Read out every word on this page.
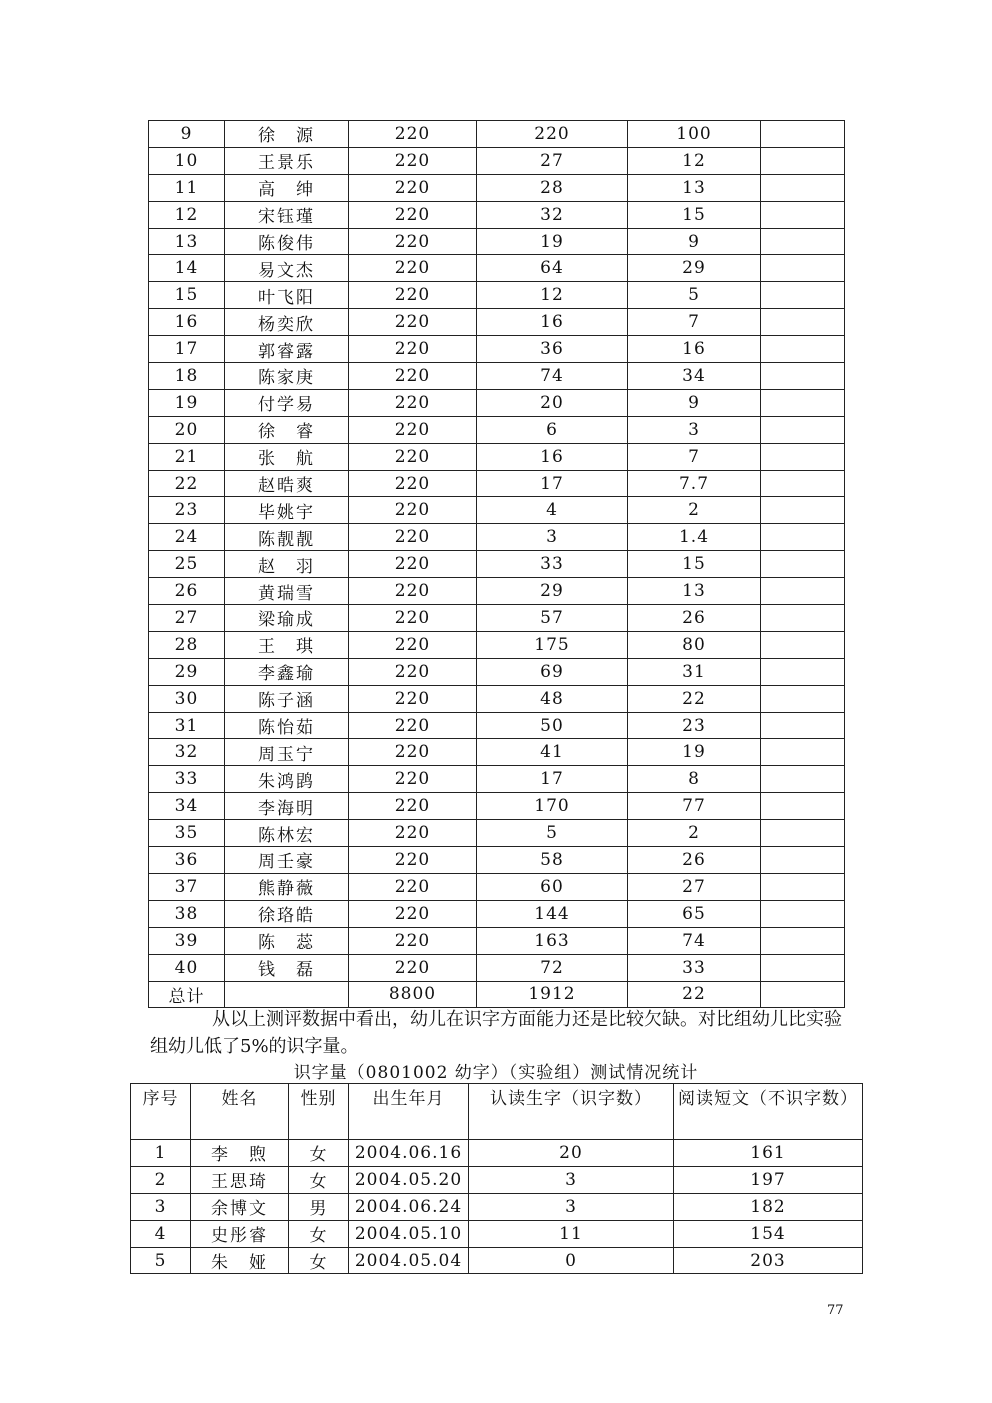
9	徐　源	220	220	100	
10	王景乐	220	27	12	
11	高　绅	220	28	13	
12	宋钰瑾	220	32	15	
13	陈俊伟	220	19	9	
14	易文杰	220	64	29	
15	叶飞阳	220	12	5	
16	杨奕欣	220	16	7	
17	郭睿露	220	36	16	
18	陈家庚	220	74	34	
19	付学易	220	20	9	
20	徐　睿	220	6	3	
21	张　航	220	16	7	
22	赵晧爽	220	17	7.7	
23	毕姚宇	220	4	2	
24	陈靓靓	220	3	1.4	
25	赵　羽	220	33	15	
26	黄瑞雪	220	29	13	
27	梁瑜成	220	57	26	
28	王　琪	220	175	80	
29	李鑫瑜	220	69	31	
30	陈子涵	220	48	22	
31	陈怡茹	220	50	23	
32	周玉宁	220	41	19	
33	朱鸿鹍	220	17	8	
34	李海明	220	170	77	
35	陈林宏	220	5	2	
36	周壬豪	220	58	26	
37	熊静薇	220	60	27	
38	徐珞皓	220	144	65	
39	陈　蕊	220	163	74	
40	钱　磊	220	72	33	
总计		8800	1912	22	

从以上测评数据中看出，幼儿在识字方面能力还是比较欠缺。对比组幼儿比实验组幼儿低了5%的识字量。

识字量（0801002 幼字）（实验组）测试情况统计
序号	姓名	性别	出生年月	认读生字（识字数）	阅读短文（不识字数）
1	李　煦	女	2004.06.16	20	161
2	王思琦	女	2004.05.20	3	197
3	余博文	男	2004.06.24	3	182
4	史彤睿	女	2004.05.10	11	154
5	朱　娅	女	2004.05.04	0	203
77
